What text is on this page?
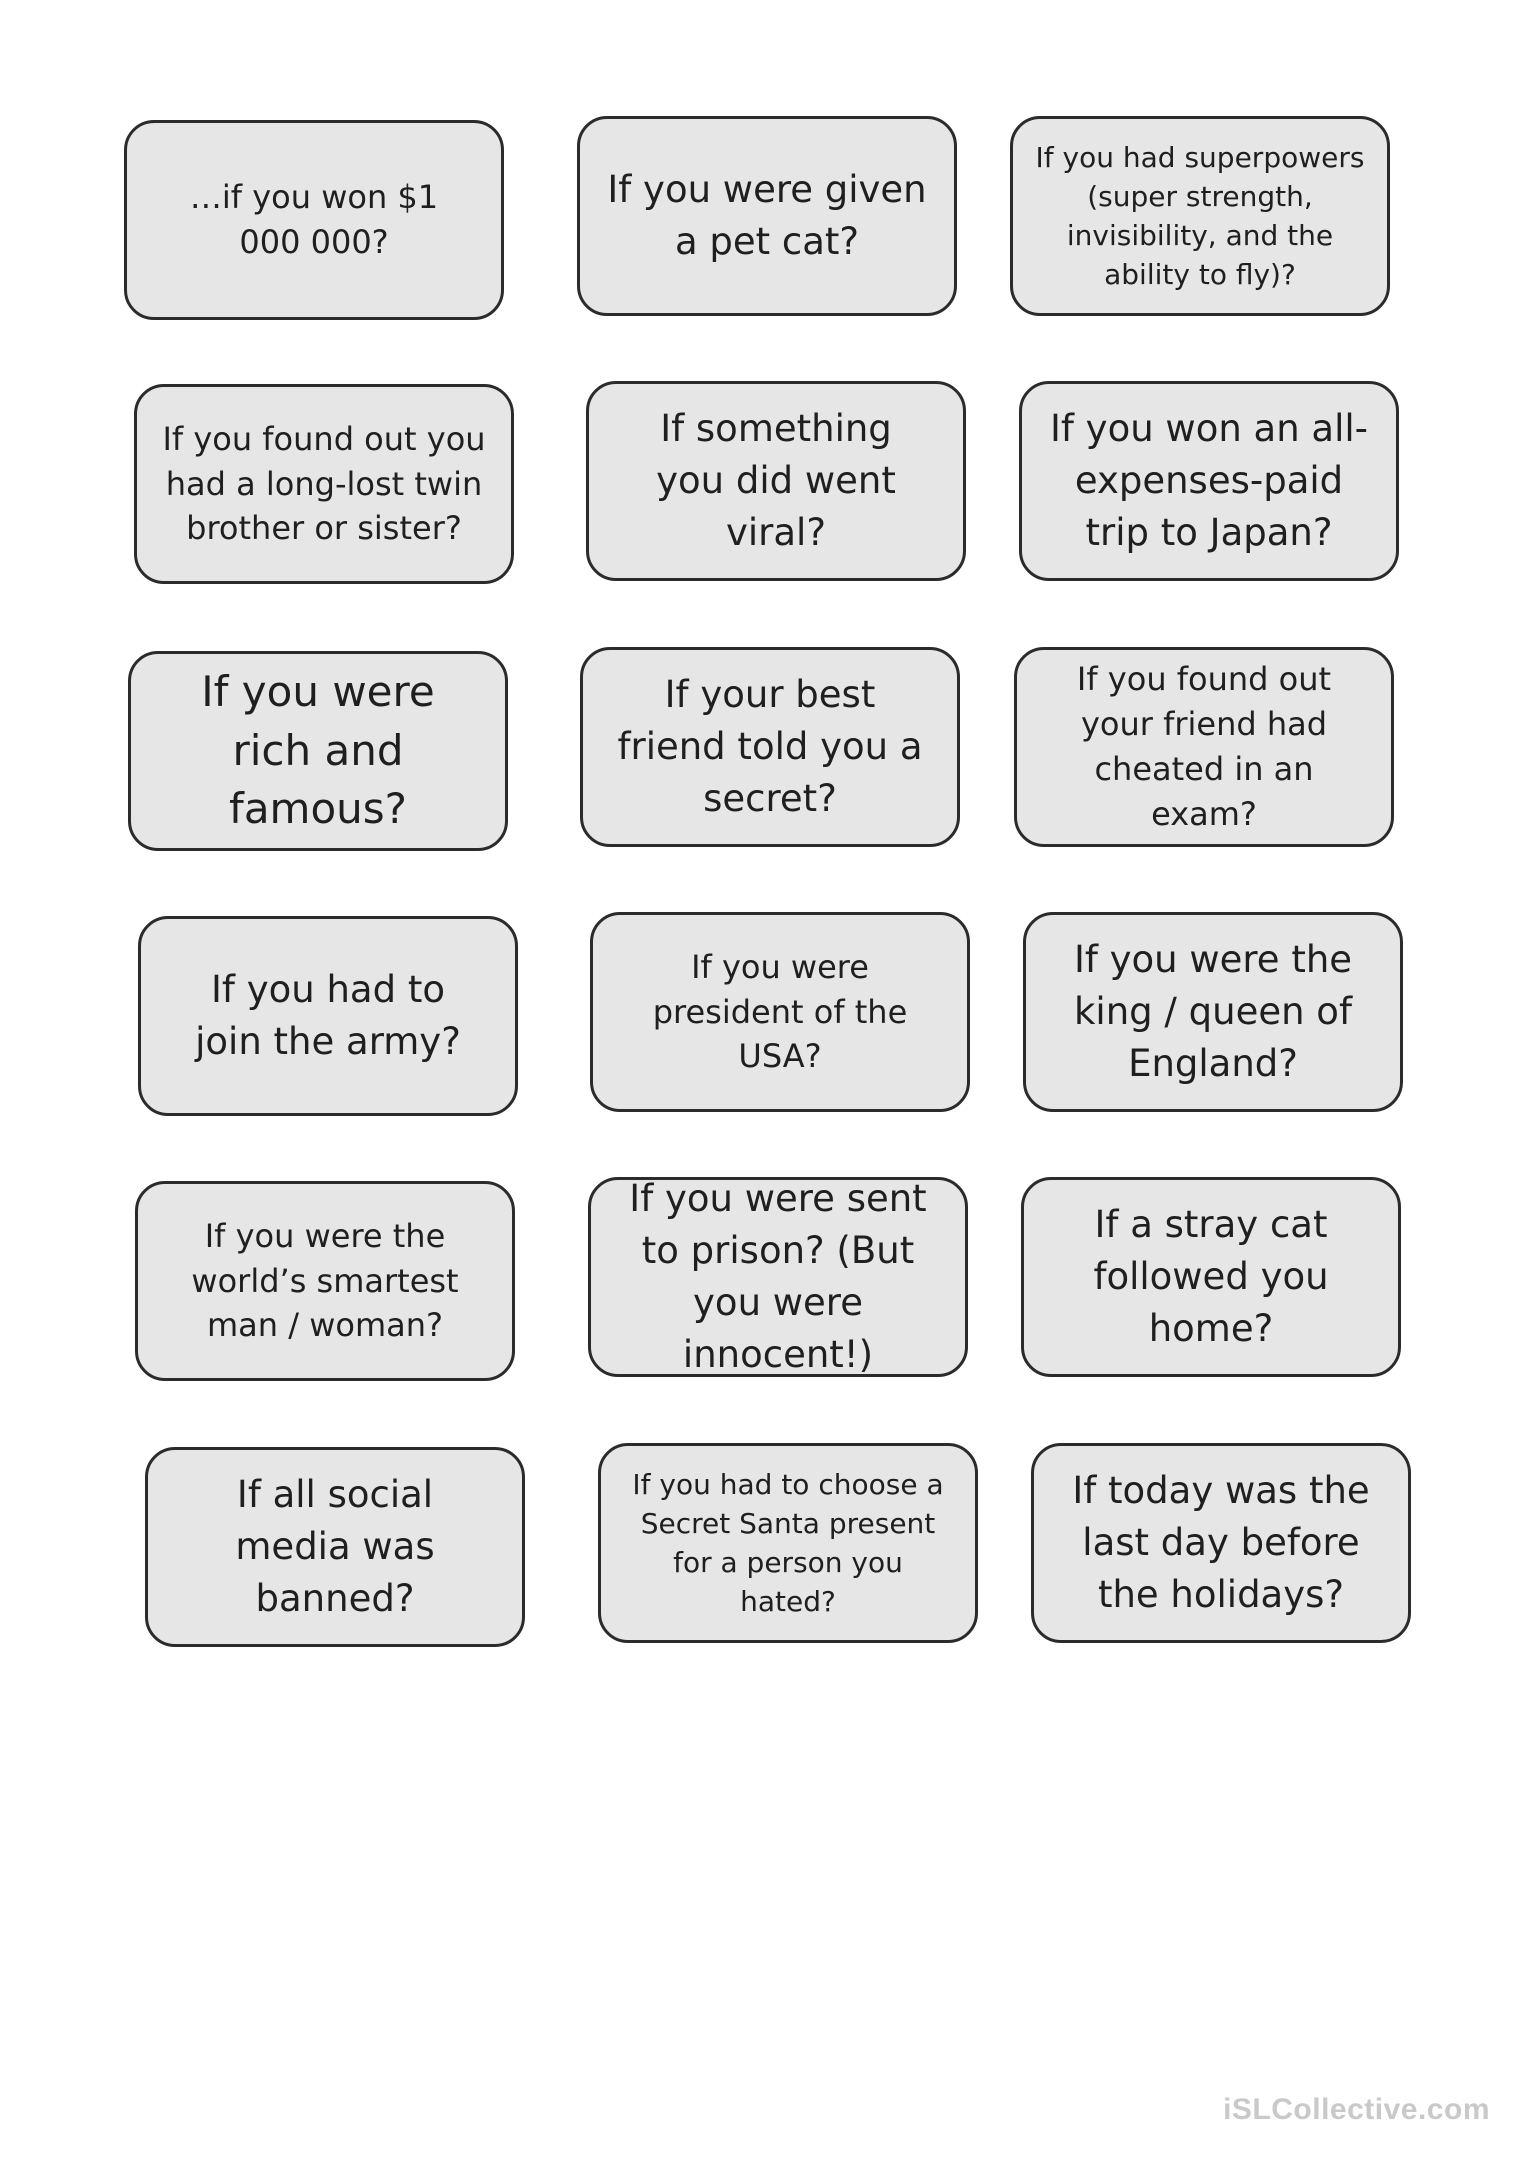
…if you won $1 000 000?
If you were given a pet cat?
If you had superpowers (super strength, invisibility, and the ability to fly)?
If you found out you had a long-lost twin brother or sister?
If something you did went viral?
If you won an all-expenses-paid trip to Japan?
If you were rich and famous?
If your best friend told you a secret?
If you found out your friend had cheated in an exam?
If you had to join the army?
If you were president of the USA?
If you were the king / queen of England?
If you were the world’s smartest man / woman?
If you were sent to prison? (But you were innocent!)
If a stray cat followed you home?
If all social media was banned?
If you had to choose a Secret Santa present for a person you hated?
If today was the last day before the holidays?
iSLCollective.com
